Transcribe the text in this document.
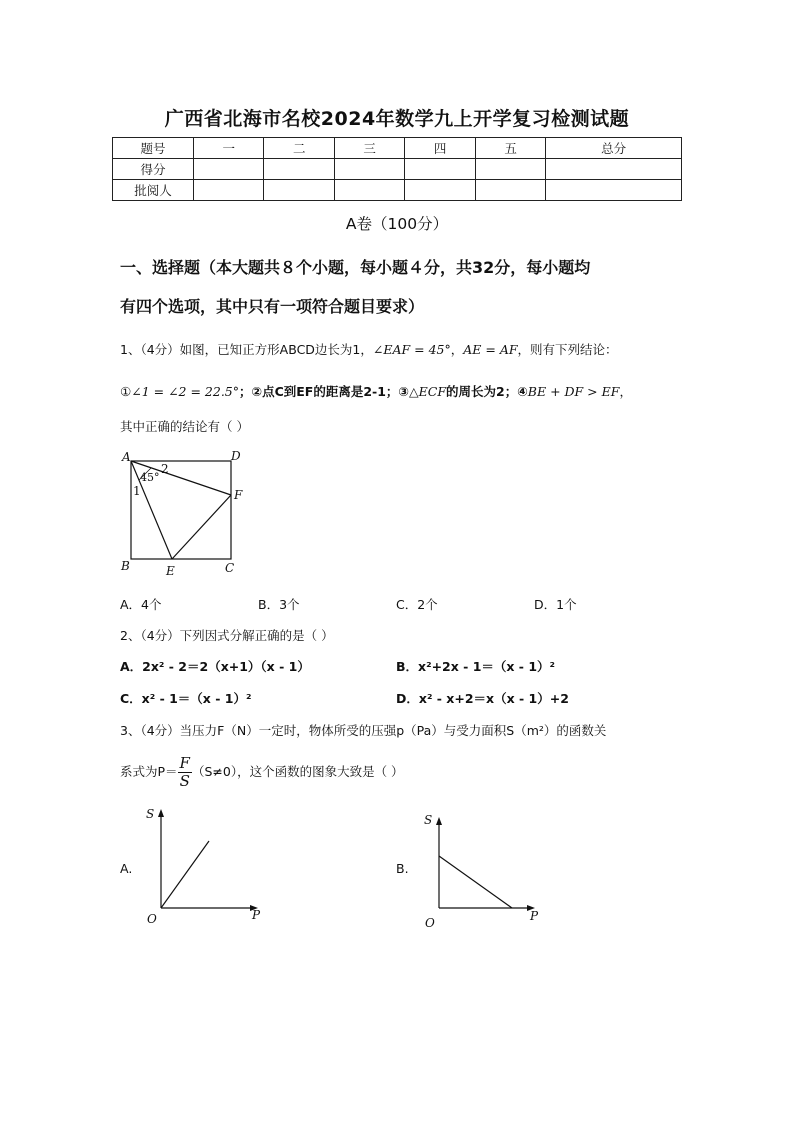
广西省北海市名校2024年数学九上开学复习检测试题
题号	一	二	三	四	五	总分
得分						
批阅人						
A卷（100分）
一、选择题（本大题共８个小题，每小题４分，共32分，每小题均
有四个选项，其中只有一项符合题目要求）
1、（4分）如图，已知正方形ABCD边长为1，∠EAF = 45°，AE = AF，则有下列结论：
①∠1 = ∠2 = 22.5°；②点C到EF的距离是2-1；③△ECF的周长为2；④BE + DF > EF，
其中正确的结论有（ ）
A	D
B	C
E
F
2
45°
1
A．4个	B．3个	C．2个	D．1个
2、（4分）下列因式分解正确的是（ ）
A．2x² - 2＝2（x+1）（x - 1）	B．x²+2x - 1＝（x - 1）²
C．x² - 1＝（x - 1）²	D．x² - x+2＝x（x - 1）+2
3、（4分）当压力F（N）一定时，物体所受的压强p（Pa）与受力面积S（m²）的函数关
系式为$P= \frac{F}{S} (S\ne 0)$，这个函数的图象大致是（ ）
A.
S
O	P
B.
S
O	P
